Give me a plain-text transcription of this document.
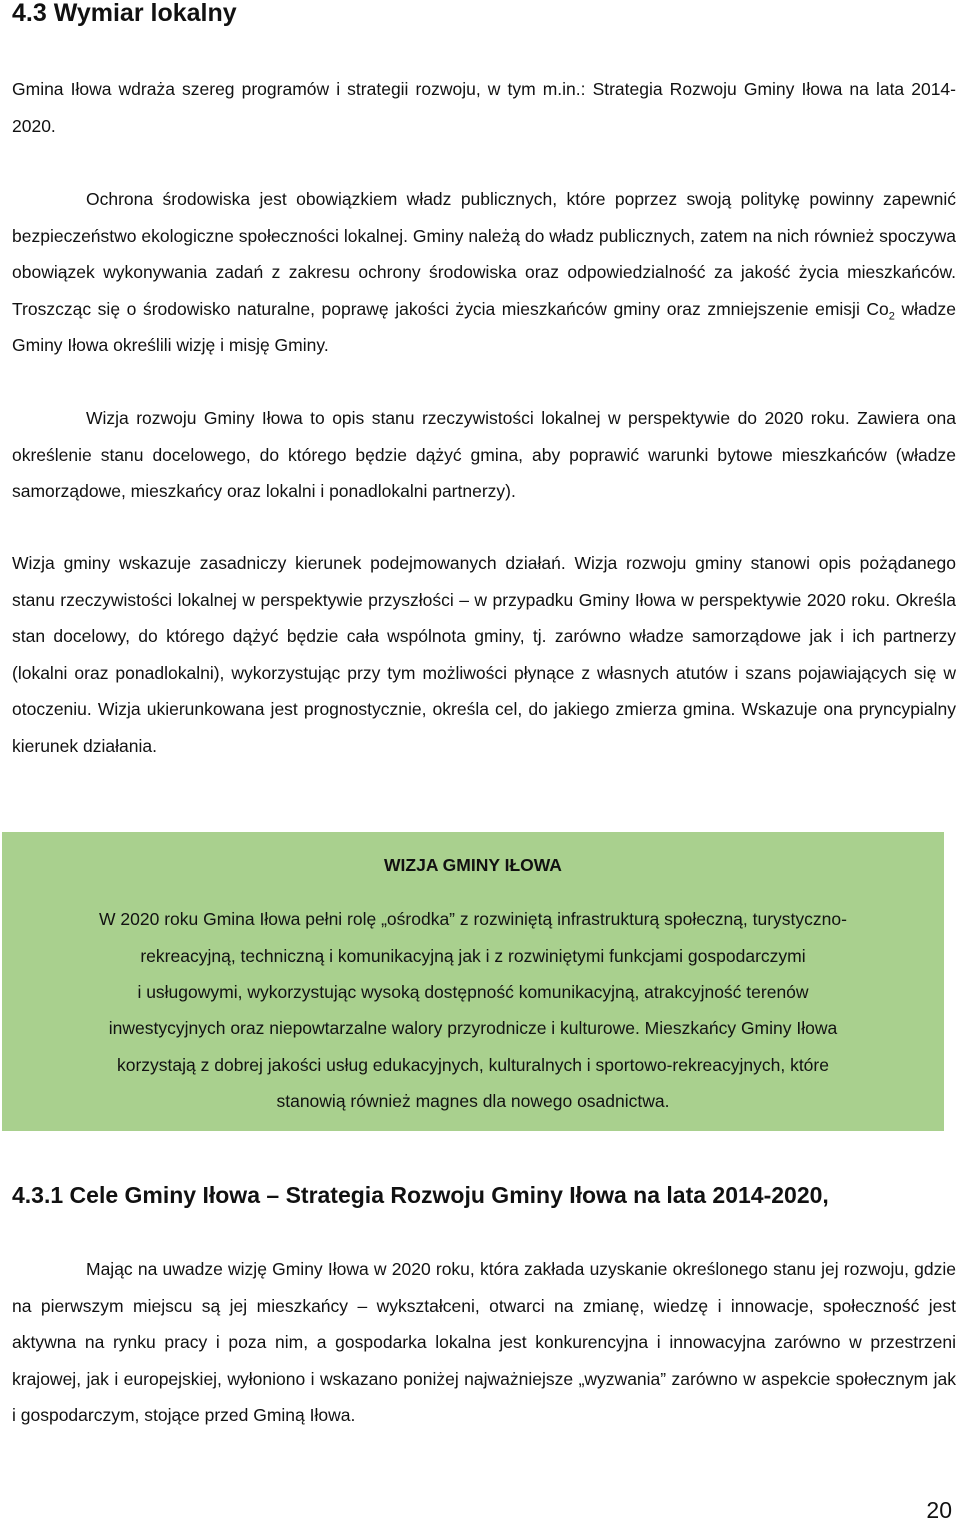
4.3 Wymiar lokalny

Gmina Iłowa wdraża szereg programów i strategii rozwoju, w tym m.in.: Strategia Rozwoju Gminy Iłowa na lata 2014-2020.

Ochrona środowiska jest obowiązkiem władz publicznych, które poprzez swoją politykę powinny zapewnić bezpieczeństwo ekologiczne społeczności lokalnej. Gminy należą do władz publicznych, zatem na nich również spoczywa obowiązek wykonywania zadań z zakresu ochrony środowiska oraz odpowiedzialność za jakość życia mieszkańców. Troszcząc się o środowisko naturalne, poprawę jakości życia mieszkańców gminy oraz zmniejszenie emisji $Co_2$ władze Gminy Iłowa określili wizję i misję Gminy.

Wizja rozwoju Gminy Iłowa to opis stanu rzeczywistości lokalnej w perspektywie do 2020 roku. Zawiera ona określenie stanu docelowego, do którego będzie dążyć gmina, aby poprawić warunki bytowe mieszkańców (władze samorządowe, mieszkańcy oraz lokalni i ponadlokalni partnerzy).

Wizja gminy wskazuje zasadniczy kierunek podejmowanych działań. Wizja rozwoju gminy stanowi opis pożądanego stanu rzeczywistości lokalnej w perspektywie przyszłości – w przypadku Gminy Iłowa w perspektywie 2020 roku. Określa stan docelowy, do którego dążyć będzie cała wspólnota gminy, tj. zarówno władze samorządowe jak i ich partnerzy (lokalni oraz ponadlokalni), wykorzystując przy tym możliwości płynące z własnych atutów i szans pojawiających się w otoczeniu. Wizja ukierunkowana jest prognostycznie, określa cel, do jakiego zmierza gmina. Wskazuje ona pryncypialny kierunek działania.

WIZJA GMINY IŁOWA
W 2020 roku Gmina Iłowa pełni rolę „ośrodka” z rozwiniętą infrastrukturą społeczną, turystyczno-
rekreacyjną, techniczną i komunikacyjną jak i z rozwiniętymi funkcjami gospodarczymi
i usługowymi, wykorzystując wysoką dostępność komunikacyjną, atrakcyjność terenów
inwestycyjnych oraz niepowtarzalne walory przyrodnicze i kulturowe. Mieszkańcy Gminy Iłowa
korzystają z dobrej jakości usług edukacyjnych, kulturalnych i sportowo-rekreacyjnych, które
stanowią również magnes dla nowego osadnictwa.
4.3.1 Cele Gminy Iłowa – Strategia Rozwoju Gminy Iłowa na lata 2014-2020,

Mając na uwadze wizję Gminy Iłowa w 2020 roku, która zakłada uzyskanie określonego stanu jej rozwoju, gdzie na pierwszym miejscu są jej mieszkańcy – wykształceni, otwarci na zmianę, wiedzę i innowacje, społeczność jest aktywna na rynku pracy i poza nim, a gospodarka lokalna jest konkurencyjna i innowacyjna zarówno w przestrzeni krajowej, jak i europejskiej, wyłoniono i wskazano poniżej najważniejsze „wyzwania” zarówno w aspekcie społecznym jak i gospodarczym, stojące przed Gminą Iłowa.

20
